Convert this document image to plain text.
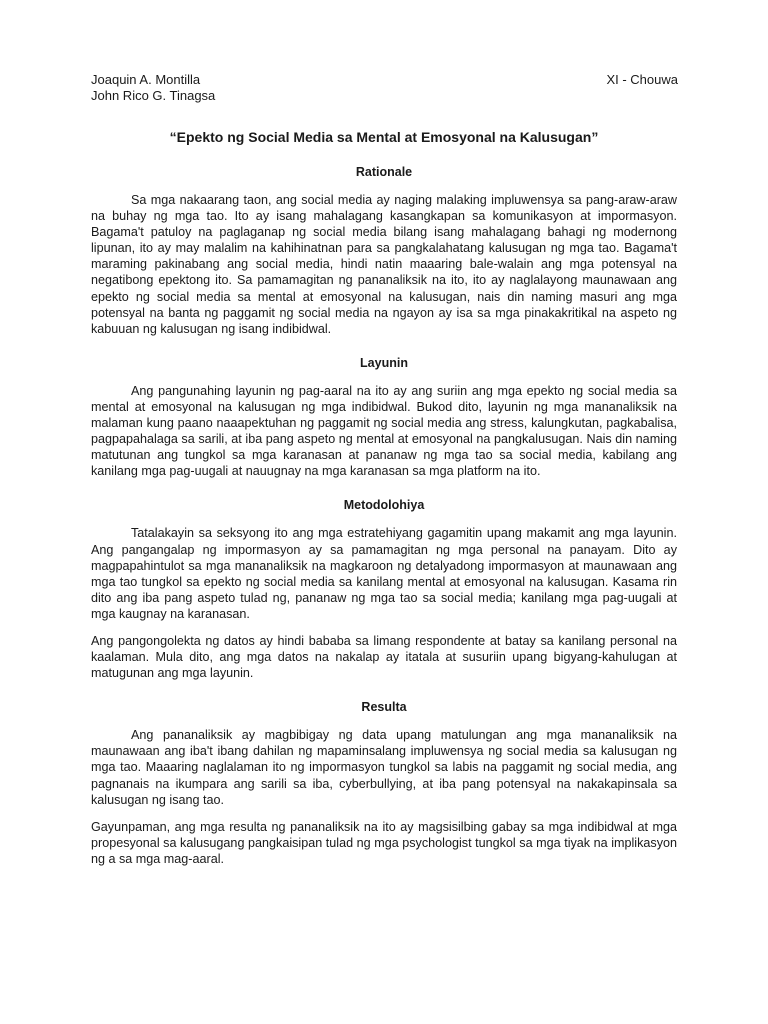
Joaquin A. Montilla
John Rico G. Tinagsa
XI - Chouwa
“Epekto ng Social Media sa Mental at Emosyonal na Kalusugan”
Rationale

Sa mga nakaarang taon, ang social media ay naging malaking impluwensya sa pang-araw-araw na buhay ng mga tao. Ito ay isang mahalagang kasangkapan sa komunikasyon at impormasyon. Bagama't patuloy na paglaganap ng social media bilang isang mahalagang bahagi ng modernong lipunan, ito ay may malalim na kahihinatnan para sa pangkalahatang kalusugan ng mga tao. Bagama't maraming pakinabang ang social media, hindi natin maaaring bale-walain ang mga potensyal na negatibong epektong ito. Sa pamamagitan ng pananaliksik na ito, ito ay naglalayong maunawaan ang epekto ng social media sa mental at emosyonal na kalusugan, nais din naming masuri ang mga potensyal na banta ng paggamit ng social media na ngayon ay isa sa mga pinakakritikal na aspeto ng kabuuan ng kalusugan ng isang indibidwal.

Layunin

Ang pangunahing layunin ng pag-aaral na ito ay ang suriin ang mga epekto ng social media sa mental at emosyonal na kalusugan ng mga indibidwal. Bukod dito, layunin ng mga mananaliksik na malaman kung paano naaapektuhan ng paggamit ng social media ang stress, kalungkutan, pagkabalisa, pagpapahalaga sa sarili, at iba pang aspeto ng mental at emosyonal na pangkalusugan. Nais din naming matutunan ang tungkol sa mga karanasan at pananaw ng mga tao sa social media, kabilang ang kanilang mga pag-uugali at nauugnay na mga karanasan sa mga platform na ito.

Metodolohiya

Tatalakayin sa seksyong ito ang mga estratehiyang gagamitin upang makamit ang mga layunin. Ang pangangalap ng impormasyon ay sa pamamagitan ng mga personal na panayam. Dito ay magpapahintulot sa mga mananaliksik na magkaroon ng detalyadong impormasyon at maunawaan ang mga tao tungkol sa epekto ng social media sa kanilang mental at emosyonal na kalusugan. Kasama rin dito ang iba pang aspeto tulad ng, pananaw ng mga tao sa social media; kanilang mga pag-uugali at mga kaugnay na karanasan.

Ang pangongolekta ng datos ay hindi bababa sa limang respondente at batay sa kanilang personal na kaalaman. Mula dito, ang mga datos na nakalap ay itatala at susuriin upang bigyang-kahulugan at matugunan ang mga layunin.

Resulta

Ang pananaliksik ay magbibigay ng data upang matulungan ang mga mananaliksik na maunawaan ang iba't ibang dahilan ng mapaminsalang impluwensya ng social media sa kalusugan ng mga tao. Maaaring naglalaman ito ng impormasyon tungkol sa labis na paggamit ng social media, ang pagnanais na ikumpara ang sarili sa iba, cyberbullying, at iba pang potensyal na nakakapinsala sa kalusugan ng isang tao.

Gayunpaman, ang mga resulta ng pananaliksik na ito ay magsisilbing gabay sa mga indibidwal at mga propesyonal sa kalusugang pangkaisipan tulad ng mga psychologist tungkol sa mga tiyak na implikasyon ng a sa mga mag-aaral.
